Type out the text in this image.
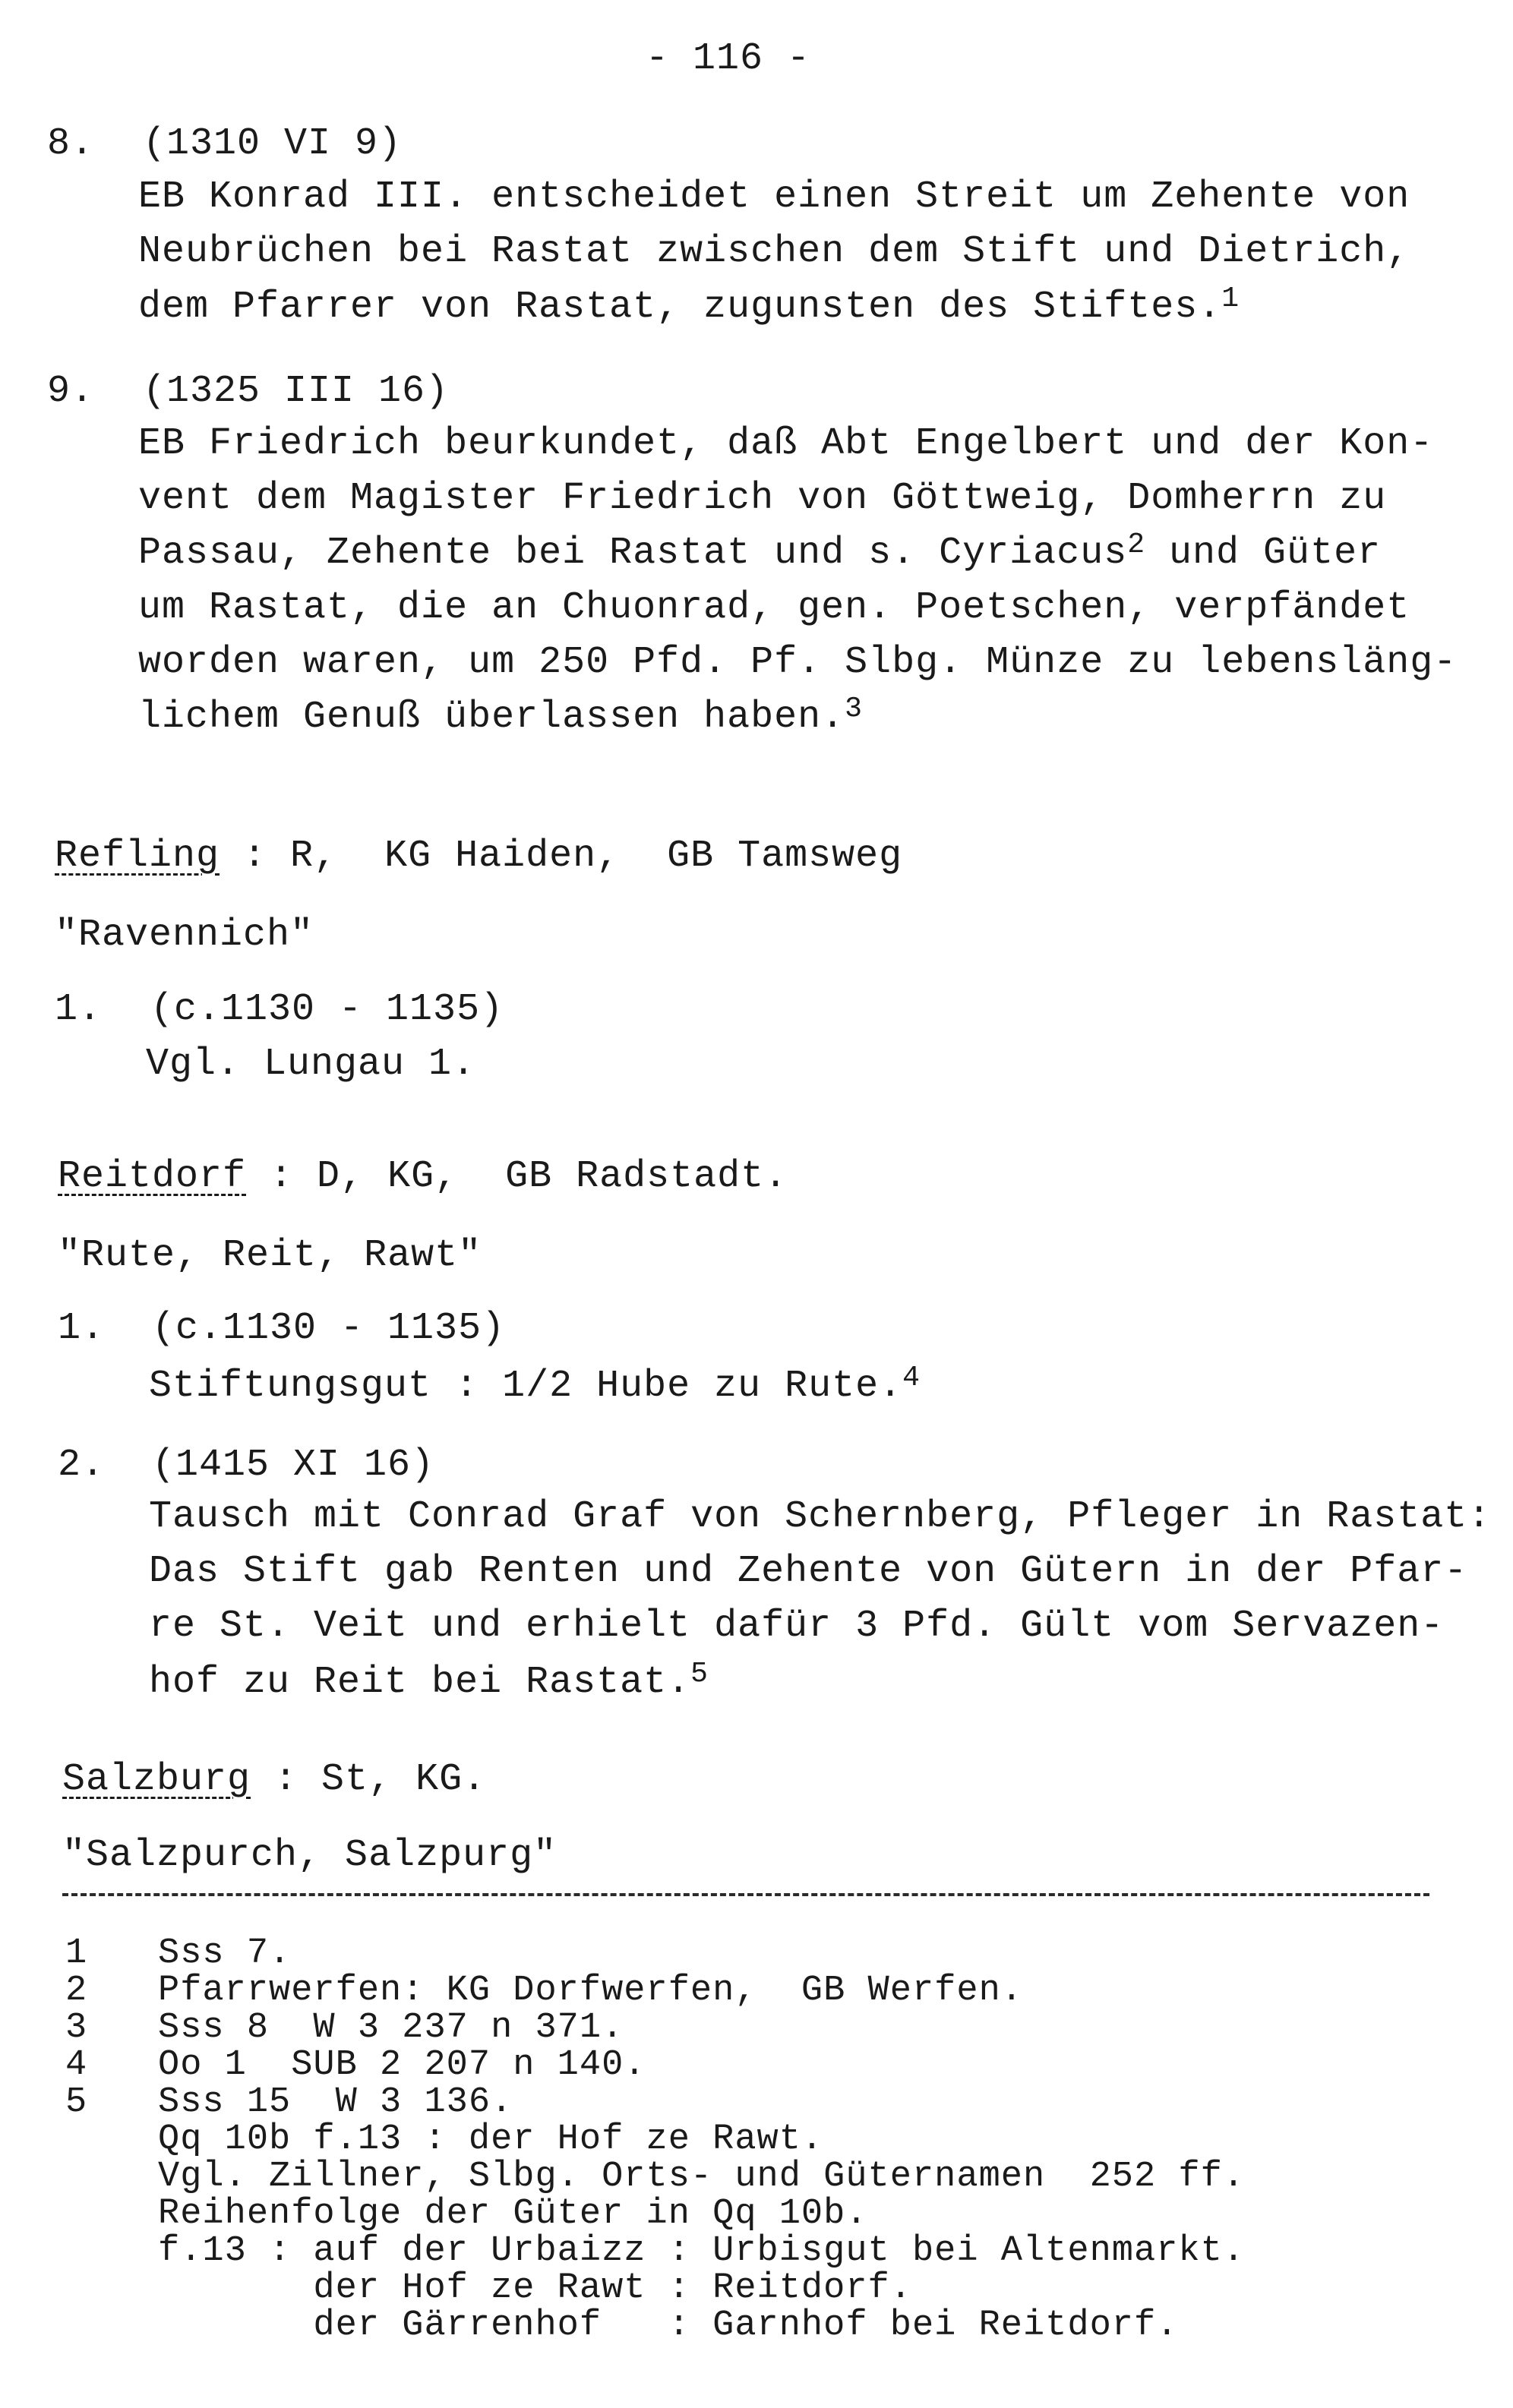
- 116 -
8. (1310 VI 9)
EB Konrad III. entscheidet einen Streit um Zehente von
Neubrüchen bei Rastat zwischen dem Stift und Dietrich,
dem Pfarrer von Rastat, zugunsten des Stiftes.$^1$
9. (1325 III 16)
EB Friedrich beurkundet, daß Abt Engelbert und der Kon-
vent dem Magister Friedrich von Göttweig, Domherrn zu
Passau, Zehente bei Rastat und s. Cyriacus$^2$ und Güter
um Rastat, die an Chuonrad, gen. Poetschen, verpfändet
worden waren, um 250 Pfd. Pf. Slbg. Münze zu lebensläng-
lichem Genuß überlassen haben.$^3$
Refling : R,  KG Haiden,  GB Tamsweg
"Ravennich"
1. (c.1130 - 1135)
Vgl. Lungau 1.
Reitdorf : D, KG,  GB Radstadt.
"Rute, Reit, Rawt"
1. (c.1130 - 1135)
Stiftungsgut : 1/2 Hube zu Rute.$^4$
2. (1415 XI 16)
Tausch mit Conrad Graf von Schernberg, Pfleger in Rastat:
Das Stift gab Renten und Zehente von Gütern in der Pfar-
re St. Veit und erhielt dafür 3 Pfd. Gült vom Servazen-
hof zu Reit bei Rastat.$^5$
Salzburg : St, KG.
"Salzpurch, Salzpurg"
1 Sss 7.
2 Pfarrwerfen: KG Dorfwerfen,  GB Werfen.
3 Sss 8  W 3 237 n 371.
4 Oo 1  SUB 2 207 n 140.
5 Sss 15  W 3 136.
Qq 10b f.13 : der Hof ze Rawt.
Vgl. Zillner, Slbg. Orts- und Güternamen  252 ff.
Reihenfolge der Güter in Qq 10b.
f.13 : auf der Urbaizz : Urbisgut bei Altenmarkt.
der Hof ze Rawt : Reitdorf.
der Gärrenhof   : Garnhof bei Reitdorf.
